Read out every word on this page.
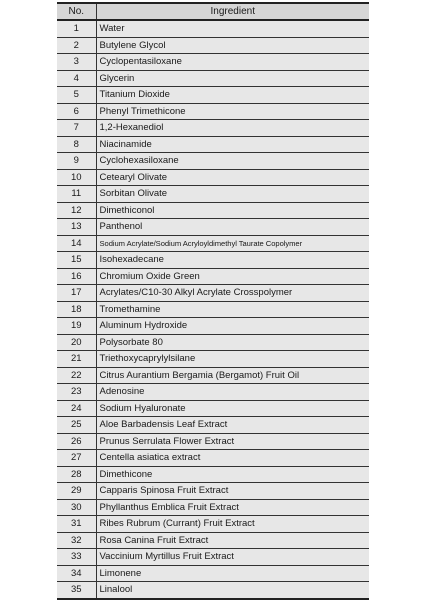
No.	Ingredient
1	Water
2	Butylene Glycol
3	Cyclopentasiloxane
4	Glycerin
5	Titanium Dioxide
6	Phenyl Trimethicone
7	1,2-Hexanediol
8	Niacinamide
9	Cyclohexasiloxane
10	Cetearyl Olivate
11	Sorbitan Olivate
12	Dimethiconol
13	Panthenol
14	Sodium Acrylate/Sodium Acryloyldimethyl Taurate Copolymer
15	Isohexadecane
16	Chromium Oxide Green
17	Acrylates/C10-30 Alkyl Acrylate Crosspolymer
18	Tromethamine
19	Aluminum Hydroxide
20	Polysorbate 80
21	Triethoxycaprylylsilane
22	Citrus Aurantium Bergamia (Bergamot) Fruit Oil
23	Adenosine
24	Sodium Hyaluronate
25	Aloe Barbadensis Leaf Extract
26	Prunus Serrulata Flower Extract
27	Centella asiatica extract
28	Dimethicone
29	Capparis Spinosa Fruit Extract
30	Phyllanthus Emblica Fruit Extract
31	Ribes Rubrum (Currant) Fruit Extract
32	Rosa Canina Fruit Extract
33	Vaccinium Myrtillus Fruit Extract
34	Limonene
35	Linalool
